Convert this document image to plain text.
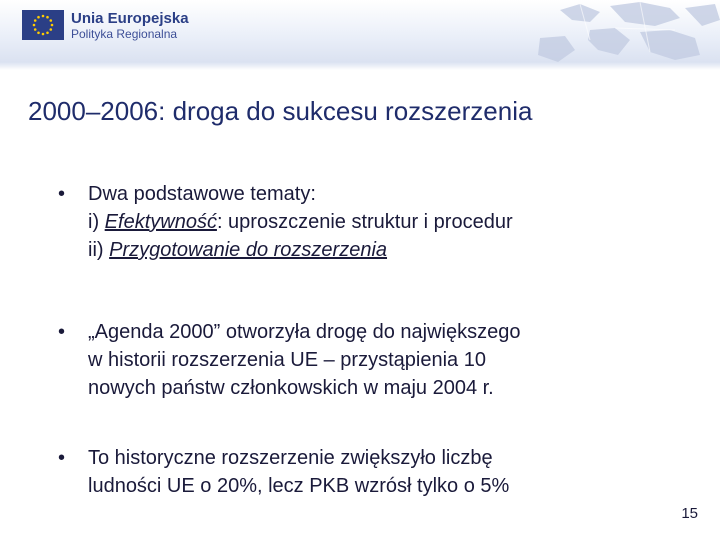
Unia Europejska
Polityka Regionalna
2000–2006: droga do sukcesu rozszerzenia
• Dwa podstawowe tematy:
i) Efektywność: uproszczenie struktur i procedur
ii) Przygotowanie do rozszerzenia
• „Agenda 2000” otworzyła drogę do największego
w historii rozszerzenia UE – przystąpienia 10
nowych państw członkowskich w maju 2004 r.
• To historyczne rozszerzenie zwiększyło liczbę
ludności UE o 20%, lecz PKB wzrósł tylko o 5%
15
